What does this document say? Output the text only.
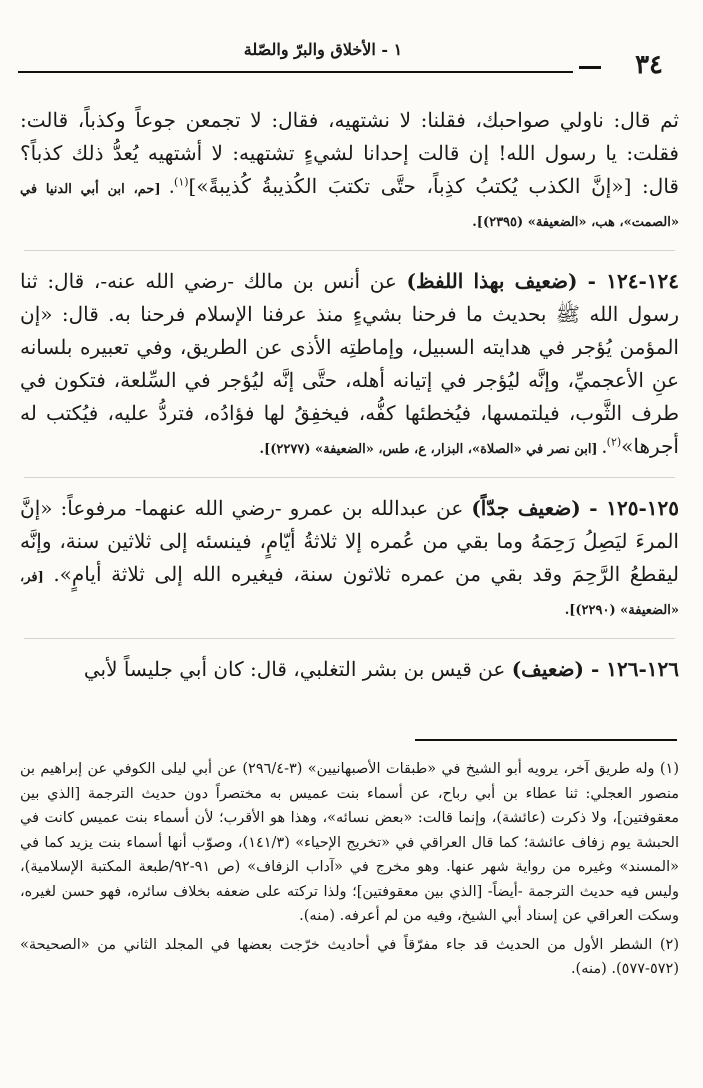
١ - الأخلاق والبرّ والصّلة
٣٤

ثم قال: ناولي صواحبك، فقلنا: لا نشتهيه، فقال: لا تجمعن جوعاً وكذباً، قالت: فقلت: يا رسول الله! إن قالت إحدانا لشيءٍ تشتهيه: لا أشتهيه يُعدُّ ذلك كذباً؟ قال: [«إنَّ الكذب يُكتبُ كذِباً، حتَّى تكتبَ الكُذيبةُ كُذيبةً»]$^{(١)}$. [حم، ابن أبي الدنيا في «الصمت»، هب، «الضعيفة» (٢٣٩٥)].

١٢٤-١٢٤ - (ضعيف بهذا اللفظ) عن أنس بن مالك -رضي الله عنه-، قال: ثنا رسول الله ﷺ بحديث ما فرحنا بشيءٍ منذ عرفنا الإسلام فرحنا به. قال: «إن المؤمن يُؤجر في هدايته السبيل، وإماطتِه الأذى عن الطريق، وفي تعبيره بلسانه عنِ الأعجميِّ، وإنَّه ليُؤجر في إتيانه أهله، حتَّى إنَّه ليُؤجر في السِّلعة، فتكون في طرف الثَّوب، فيلتمسها، فيُخطئها كفُّه، فيخفِقُ لها فؤادُه، فتردُّ عليه، فيُكتب له أجرها»$^{(٢)}$. [ابن نصر في «الصلاة»، البزار، ع، طس، «الضعيفة» (٢٢٧٧)].

١٢٥-١٢٥ - (ضعيف جدّاً) عن عبدالله بن عمرو -رضي الله عنهما- مرفوعاً: «إنَّ المرءَ ليَصِلُ رَحِمَهُ وما بقي من عُمره إلا ثلاثةُ أيّامٍ، فينسئه إلى ثلاثين سنة، وإنَّه ليقطعُ الرَّحِمَ وقد بقي من عمره ثلاثون سنة، فيغيره الله إلى ثلاثة أيامٍ». [فر، «الضعيفة» (٢٢٩٠)].

١٢٦-١٢٦ - (ضعيف) عن قيس بن بشر التغلبي، قال: كان أبي جليساً لأبي

(١) وله طريق آخر، يرويه أبو الشيخ في «طبقات الأصبهانيين» (٣-٢٩٦/٤) عن أبي ليلى الكوفي عن إبراهيم بن منصور العجلي: ثنا عطاء بن أبي رباح، عن أسماء بنت عميس به مختصراً دون حديث الترجمة [الذي بين معقوفتين]، ولا ذكرت (عائشة)، وإنما قالت: «بعض نسائه»، وهذا هو الأقرب؛ لأن أسماء بنت عميس كانت في الحبشة يوم زفاف عائشة؛ كما قال العراقي في «تخريج الإحياء» (١٤١/٣)، وصوّب أنها أسماء بنت يزيد كما في «المسند» وغيره من رواية شهر عنها. وهو مخرج في «آداب الزفاف» (ص ٩١-٩٢/طبعة المكتبة الإسلامية)، وليس فيه حديث الترجمة -أيضاً- [الذي بين معقوفتين]؛ ولذا تركته على ضعفه بخلاف سائره، فهو حسن لغيره، وسكت العراقي عن إسناد أبي الشيخ، وفيه من لم أعرفه. (منه).

(٢) الشطر الأول من الحديث قد جاء مفرّقاً في أحاديث خرّجت بعضها في المجلد الثاني من «الصحيحة» (٥٧٢-٥٧٧). (منه).
